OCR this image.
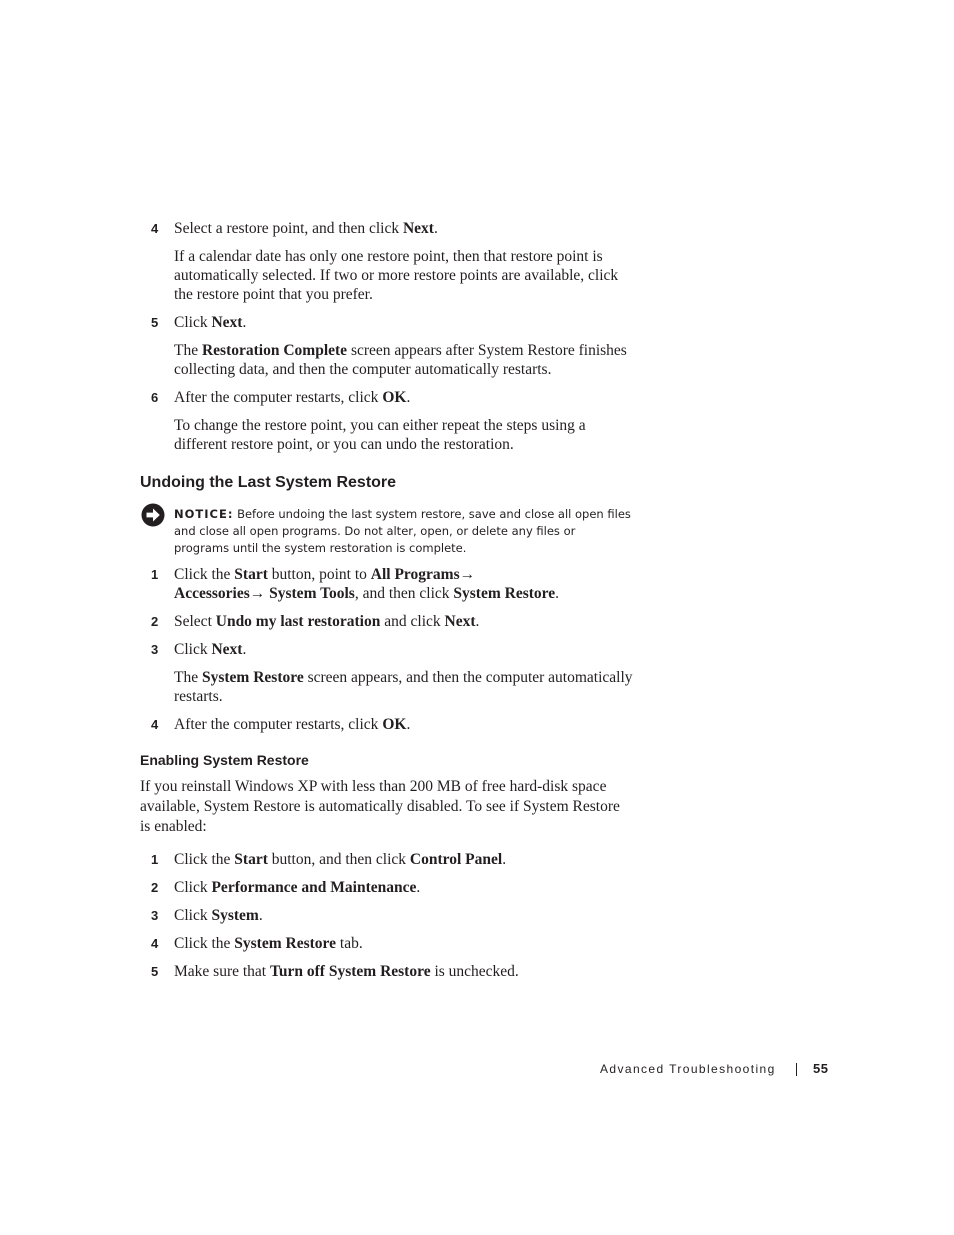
4 Select a restore point, and then click Next.
If a calendar date has only one restore point, then that restore point is automatically selected. If two or more restore points are available, click the restore point that you prefer.
5 Click Next.
The Restoration Complete screen appears after System Restore finishes collecting data, and then the computer automatically restarts.
6 After the computer restarts, click OK.
To change the restore point, you can either repeat the steps using a different restore point, or you can undo the restoration.
Undoing the Last System Restore
NOTICE: Before undoing the last system restore, save and close all open files and close all open programs. Do not alter, open, or delete any files or programs until the system restoration is complete.
1 Click the Start button, point to All Programs→
Accessories→ System Tools, and then click System Restore.
2 Select Undo my last restoration and click Next.
3 Click Next.
The System Restore screen appears, and then the computer automatically restarts.
4 After the computer restarts, click OK.
Enabling System Restore
If you reinstall Windows XP with less than 200 MB of free hard-disk space available, System Restore is automatically disabled. To see if System Restore is enabled:
1 Click the Start button, and then click Control Panel.
2 Click Performance and Maintenance.
3 Click System.
4 Click the System Restore tab.
5 Make sure that Turn off System Restore is unchecked.
Advanced Troubleshooting	55
